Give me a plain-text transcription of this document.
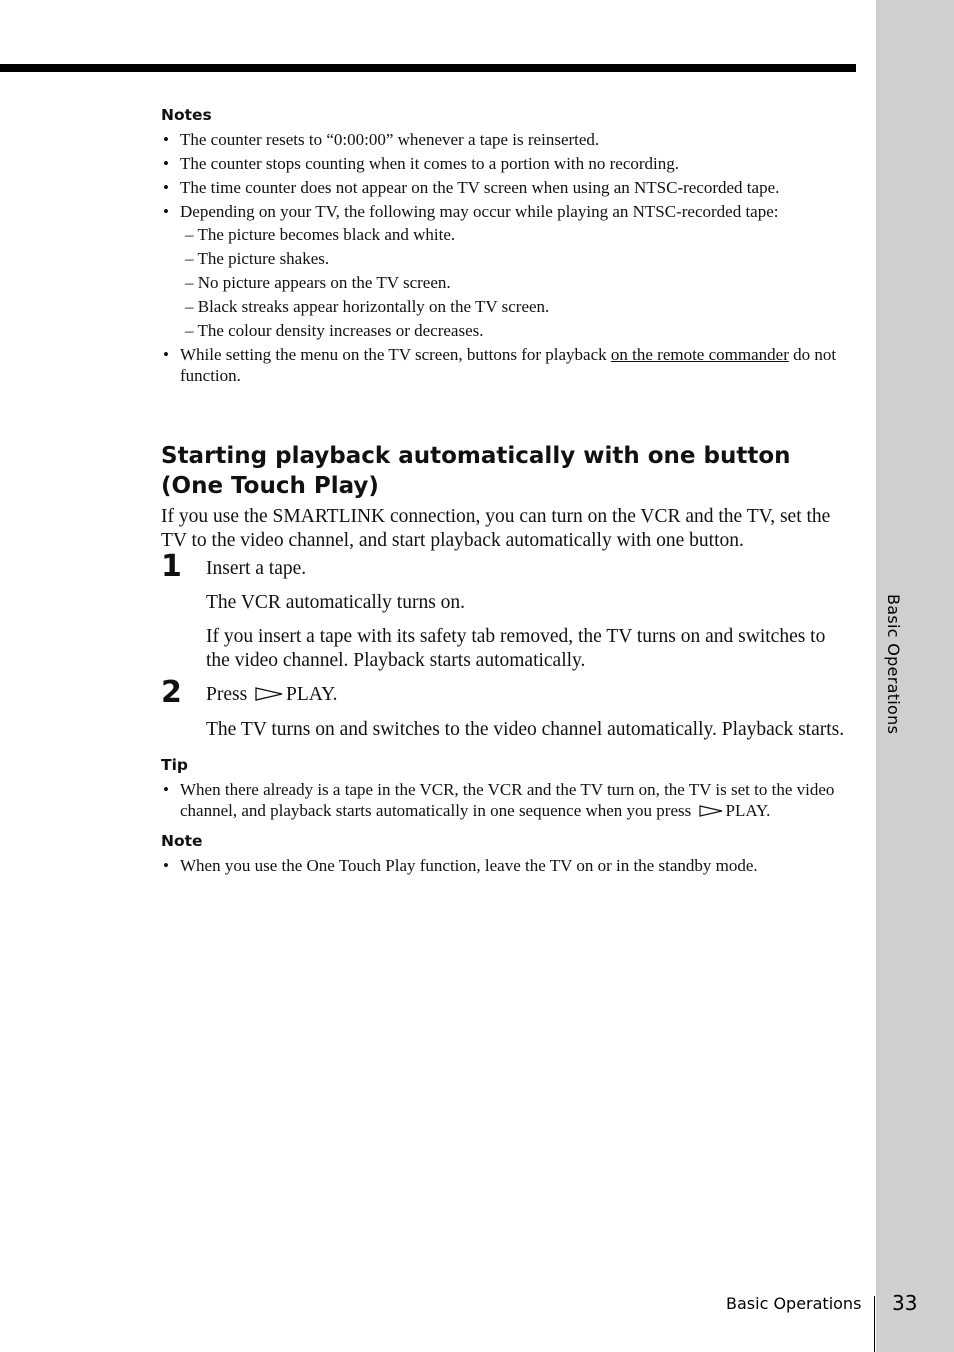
Basic Operations
Notes
• The counter resets to “0:00:00” whenever a tape is reinserted.
• The counter stops counting when it comes to a portion with no recording.
• The time counter does not appear on the TV screen when using an NTSC-recorded tape.
• Depending on your TV, the following may occur while playing an NTSC-recorded tape:
– The picture becomes black and white.
– The picture shakes.
– No picture appears on the TV screen.
– Black streaks appear horizontally on the TV screen.
– The colour density increases or decreases.
• While setting the menu on the TV screen, buttons for playback on the remote commander do not function.
Starting playback automatically with one button (One Touch Play)

If you use the SMARTLINK connection, you can turn on the VCR and the TV, set the TV to the video channel, and start playback automatically with one button.

1 Insert a tape.

The VCR automatically turns on.

If you insert a tape with its safety tab removed, the TV turns on and switches to the video channel. Playback starts automatically.

2 Press PLAY.

The TV turns on and switches to the video channel automatically. Playback starts.

Tip
• When there already is a tape in the VCR, the VCR and the TV turn on, the TV is set to the video channel, and playback starts automatically in one sequence when you press PLAY.
Note
• When you use the One Touch Play function, leave the TV on or in the standby mode.
Basic Operations 33
